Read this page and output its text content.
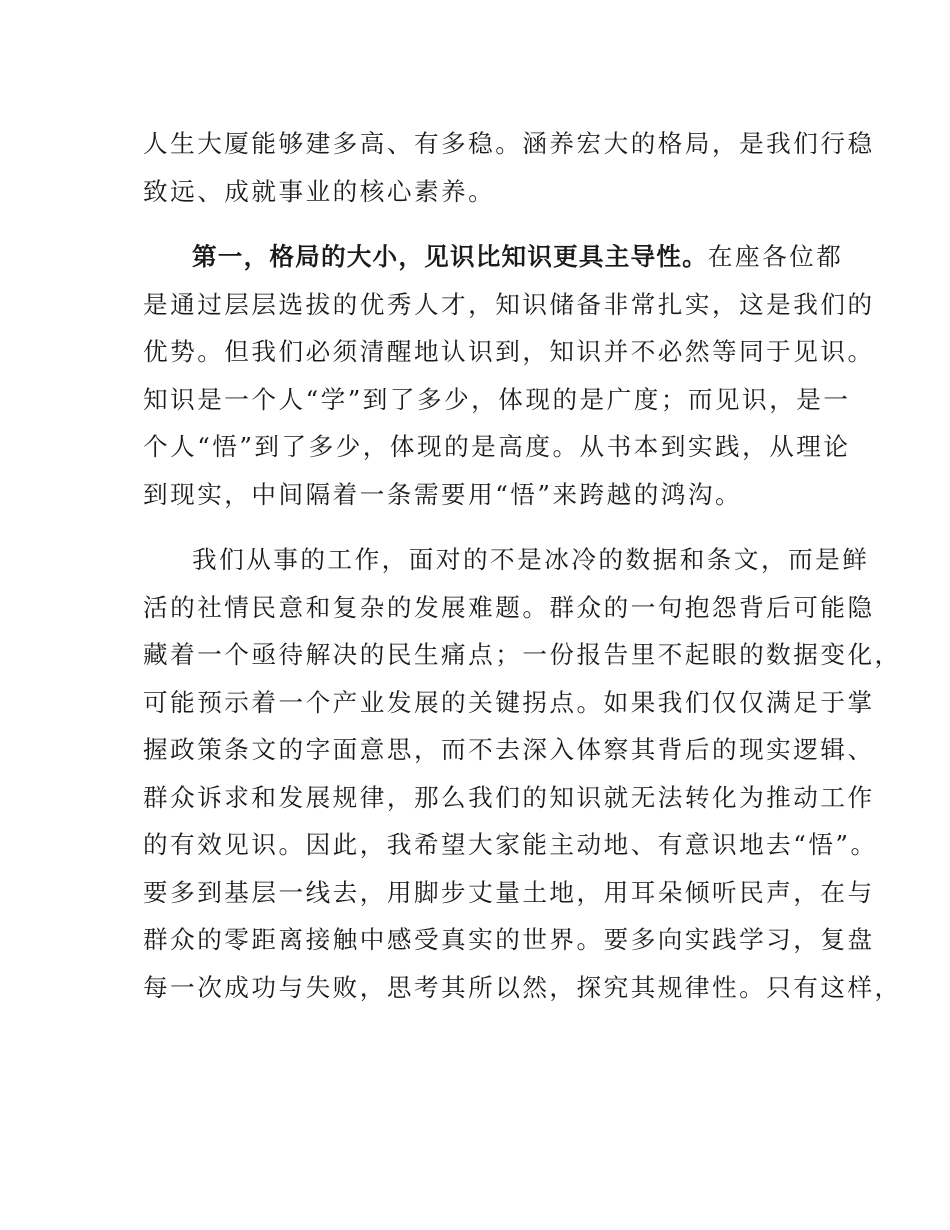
人生大厦能够建多高、有多稳。涵养宏大的格局，是我们行稳
致远、成就事业的核心素养。

第一，格局的大小，见识比知识更具主导性。在座各位都
是通过层层选拔的优秀人才，知识储备非常扎实，这是我们的
优势。但我们必须清醒地认识到，知识并不必然等同于见识。
知识是一个人“学”到了多少，体现的是广度；而见识，是一
个人“悟”到了多少，体现的是高度。从书本到实践，从理论
到现实，中间隔着一条需要用“悟”来跨越的鸿沟。

我们从事的工作，面对的不是冰冷的数据和条文，而是鲜
活的社情民意和复杂的发展难题。群众的一句抱怨背后可能隐
藏着一个亟待解决的民生痛点；一份报告里不起眼的数据变化，
可能预示着一个产业发展的关键拐点。如果我们仅仅满足于掌
握政策条文的字面意思，而不去深入体察其背后的现实逻辑、
群众诉求和发展规律，那么我们的知识就无法转化为推动工作
的有效见识。因此，我希望大家能主动地、有意识地去“悟”。
要多到基层一线去，用脚步丈量土地，用耳朵倾听民声，在与
群众的零距离接触中感受真实的世界。要多向实践学习，复盘
每一次成功与失败，思考其所以然，探究其规律性。只有这样，
